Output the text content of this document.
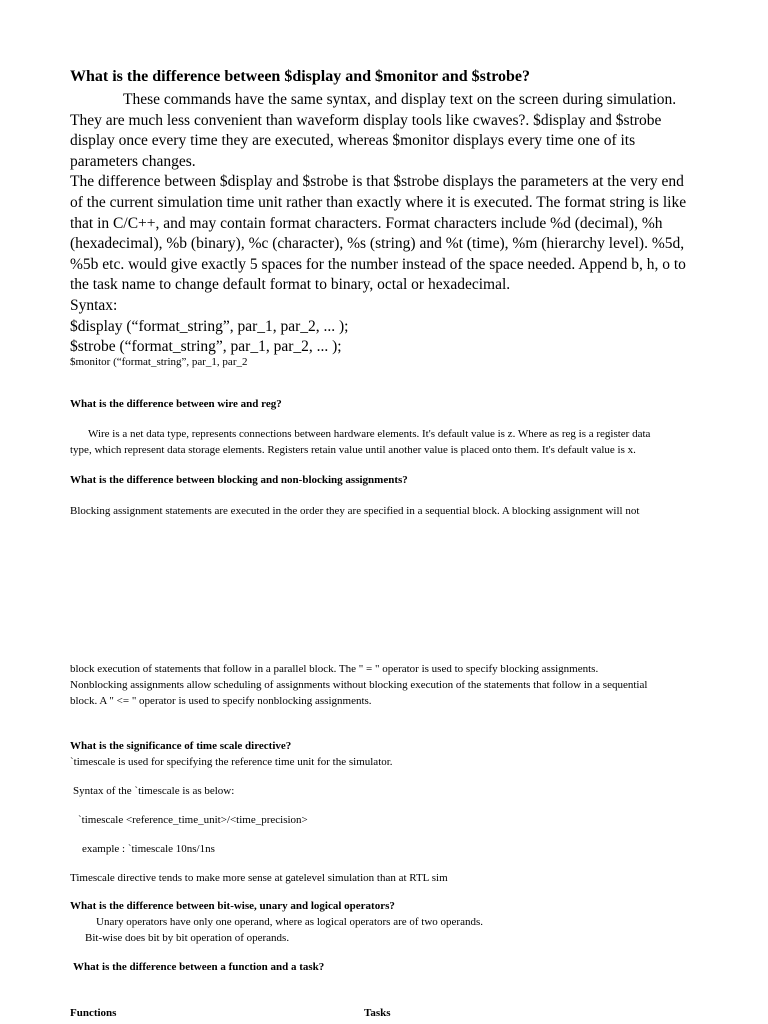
What is the difference between $display and $monitor and $strobe?
These commands have the same syntax, and display text on the screen during simulation.
They are much less convenient than waveform display tools like cwaves?. $display and $strobe
display once every time they are executed, whereas $monitor displays every time one of its
parameters changes.
The difference between $display and $strobe is that $strobe displays the parameters at the very end
of the current simulation time unit rather than exactly where it is executed. The format string is like
that in C/C++, and may contain format characters. Format characters include %d (decimal), %h
(hexadecimal), %b (binary), %c (character), %s (string) and %t (time), %m (hierarchy level). %5d,
%5b etc. would give exactly 5 spaces for the number instead of the space needed. Append b, h, o to
the task name to change default format to binary, octal or hexadecimal.
Syntax:
$display (“format_string”, par_1, par_2, ... );
$strobe (“format_string”, par_1, par_2, ... );
$monitor (“format_string”, par_1, par_2
What is the difference between wire and reg?
Wire is a net data type, represents connections between hardware elements. It's default value is z. Where as reg is a register data
type, which represent data storage elements. Registers retain value until another value is placed onto them. It's default value is x.
What is the difference between blocking and non-blocking assignments?
Blocking assignment statements are executed in the order they are specified in a sequential block. A blocking assignment will not
block execution of statements that follow in a parallel block. The " = " operator is used to specify blocking assignments.
Nonblocking assignments allow scheduling of assignments without blocking execution of the statements that follow in a sequential
block. A " <= " operator is used to specify nonblocking assignments.
What is the significance of time scale directive?
`timescale is used for specifying the reference time unit for the simulator.
Syntax of the `timescale is as below:
`timescale <reference_time_unit>/<time_precision>
example : `timescale 10ns/1ns
Timescale directive tends to make more sense at gatelevel simulation than at RTL sim
What is the difference between bit-wise, unary and logical operators?
Unary operators have only one operand, where as logical operators are of two operands.
Bit-wise does bit by bit operation of operands.
What is the difference between a function and a task?
Functions	Tasks
